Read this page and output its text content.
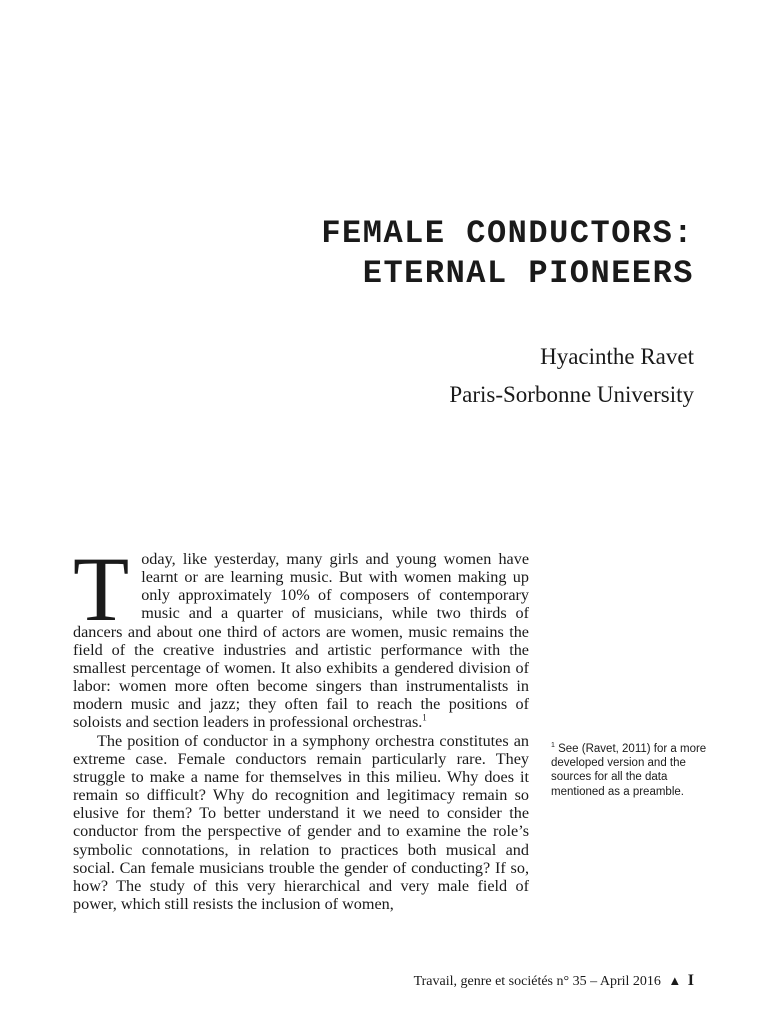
FEMALE CONDUCTORS:
ETERNAL PIONEERS
Hyacinthe Ravet
Paris-Sorbonne University

Today, like yesterday, many girls and young women have learnt or are learning music. But with women making up only approximately 10% of composers of contemporary music and a quarter of musicians, while two thirds of dancers and about one third of actors are women, music remains the field of the creative industries and artistic performance with the smallest percentage of women. It also exhibits a gendered division of labor: women more often become singers than instrumentalists in modern music and jazz; they often fail to reach the positions of soloists and section leaders in professional orchestras.$^1$

The position of conductor in a symphony orchestra constitutes an extreme case. Female conductors remain particularly rare. They struggle to make a name for themselves in this milieu. Why does it remain so difficult? Why do recognition and legitimacy remain so elusive for them? To better understand it we need to consider the conductor from the perspective of gender and to examine the role’s symbolic connotations, in relation to practices both musical and social. Can female musicians trouble the gender of conducting? If so, how? The study of this very hierarchical and very male field of power, which still resists the inclusion of women,

$^1$ See (Ravet, 2011) for a more developed version and the sources for all the data mentioned as a preamble.
Travail, genre et sociétés n° 35 – April 2016 ▲ I
